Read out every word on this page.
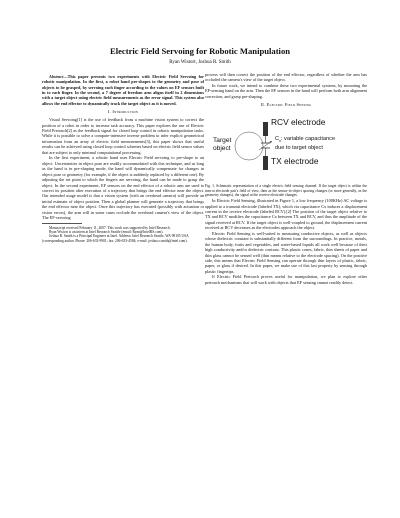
Electric Field Servoing for Robotic Manipulation
Ryan Wistort, Joshua R. Smith

Abstract—This paper presents two experiments with Electric Field Servoing for robotic manipulation. In the first, a robot hand pre-shapes to the geometry and pose of objects to be grasped, by servoing each finger according to the values on EF sensors built in to each finger. In the second, a 7 degree of freedom arm aligns itself in 2 dimensions with a target object using electric field measurements as the error signal. This system also allows the end effector to dynamically track the target object as it is moved.

I. Introduction

Visual Servoing[1] is the use of feedback from a machine vision system to correct the position of a robot in order to increase task accuracy. This paper explores the use of Electric Field Pretouch[2] as the feedback signal for closed loop control in robotic manipulation tasks. While it is possible to solve a compute-intensive inverse problem to infer explicit geometrical information from an array of electric field measurements[3], this paper shows that useful results can be achieved using closed loop control schemes based on electric field sensor values that are subject to only minimal computational processing.

In the first experiment, a robotic hand uses Electric Field servoing to pre-shape to an object. Uncertainties in object pose are readily accommodated with this technique, and as long as the hand is in pre-shaping mode, the hand will dynamically compensate for changes in object pose or geometry (for example, if the object is suddenly replaced by a different one). By adjusting the set point to which the fingers are servoing, the hand can be made to grasp the object. In the second experiment, EF sensors on the end effector of a robotic arm are used to correct its position after execution of a trajectory that brings the end effector near the object. Our intended usage model is that a vision system (with an overhead camera) will provide an initial estimate of object position. Then a global planner will generate a trajectory that brings the end effector near the object. Once this trajectory has executed (possibly with actuation or vision errors), the arm will in some cases occlude the overhead camera's view of the object. The EF-servoing

Manuscript received February 11, 2007. This work was supported by Intel Research.

Ryan Wistort is an intern at Intel Research Seattle (email: Ryan@IntelRS.com).

Joshua R. Smith is a Principal Engineer at Intel. Address: Intel Research Seattle, WA 98105 USA (corresponding author. Phone: 206-633-9901; fax: 206-633-4584; e-mail: joshua.r.smith@intel.com).

process will then correct the position of the end effector, regardless of whether the arm has occluded the camera's view of the target object.

In future work, we intend to combine these two experimental systems, by mounting the EF-sensing hand on the arm. Then the EF sensors in the hand will perform both arm alignment correction, and grasp pre-shaping.

II. Electric Field Sensing
RCV electrode
$C_x$: variable capacitance
due to target object
Target
object
TX electrode

Fig. 1. Schematic representation of a single electric field sensing channel. If the target object is within the mm-ai electrode pair's field of view, then as the sensor-to-object spacing changes (or more generally, as the geometry changes), the signal at the receive electrode changes.

In Electric Field Sensing, illustrated in Figure 1, a low frequency (100KHz) AC voltage is applied to a transmit electrode (labeled TX), which via capacitance Cx induces a displacement current in the receive electrode (labeled RCV).[2] The position of the target object relative to TX and RCV modifies the capacitance Cx between TX and RCV, and thus the amplitude of the signal received at RCV. If the target object is well-coupled to ground, the displacement current received at RCV decreases as the electrodes approach the object.

Electric Field Sensing is well-suited to measuring conductive objects, as well as objects whose dielectric constant is substantially different from the surroundings. In practice, metals, the human body, fruits and vegetables, and water-based liquids all work well because of their high conductivity and/or dielectric contrast. This plastic cones, fabric, thin sheets of paper and thin glass cannot be sensed well (thin means relative to the electrode spacing). On the positive side, this means that Electric Field Sensing can operate through thin layers of plastic, fabric, paper, or glass if desired. In this paper, we make use of this last property by sensing through plastic fingertips.

If Electric Field Pretouch proves useful for manipulation, we plan to explore other pretouch mechanisms that will work with objects that EF sensing cannot readily detect.
